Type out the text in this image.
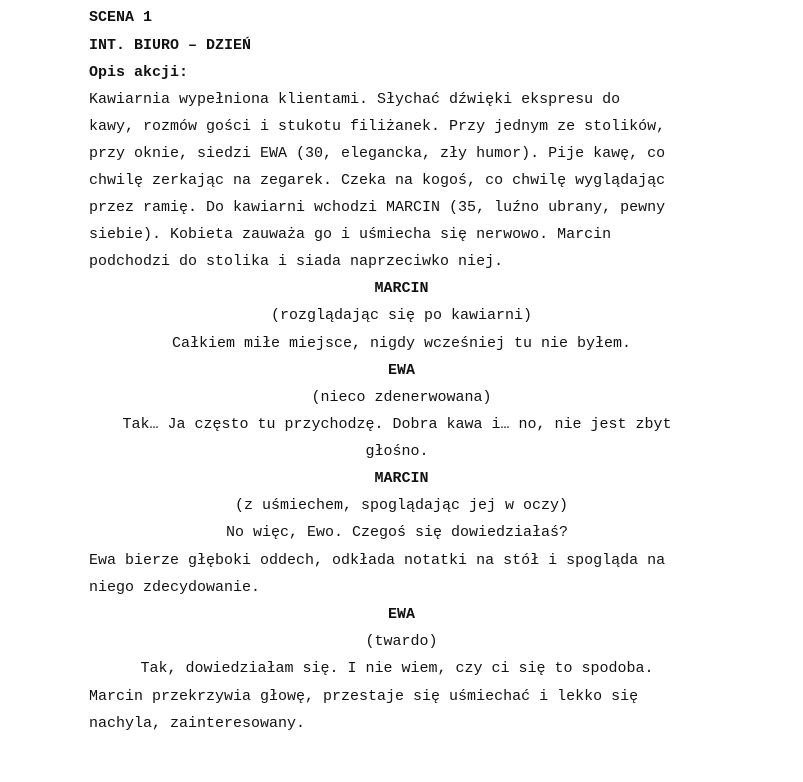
SCENA 1
INT. BIURO – DZIEŃ
Opis akcji:
Kawiarnia wypełniona klientami. Słychać dźwięki ekspresu do
kawy, rozmów gości i stukotu filiżanek. Przy jednym ze stolików,
przy oknie, siedzi EWA (30, elegancka, zły humor). Pije kawę, co
chwilę zerkając na zegarek. Czeka na kogoś, co chwilę wyglądając
przez ramię. Do kawiarni wchodzi MARCIN (35, luźno ubrany, pewny
siebie). Kobieta zauważa go i uśmiecha się nerwowo. Marcin
podchodzi do stolika i siada naprzeciwko niej.
MARCIN
(rozglądając się po kawiarni)
Całkiem miłe miejsce, nigdy wcześniej tu nie byłem.
EWA
(nieco zdenerwowana)
Tak… Ja często tu przychodzę. Dobra kawa i… no, nie jest zbyt
głośno.
MARCIN
(z uśmiechem, spoglądając jej w oczy)
No więc, Ewo. Czegoś się dowiedziałaś?
Ewa bierze głęboki oddech, odkłada notatki na stół i spogląda na
niego zdecydowanie.
EWA
(twardo)
Tak, dowiedziałam się. I nie wiem, czy ci się to spodoba.
Marcin przekrzywia głowę, przestaje się uśmiechać i lekko się
nachyla, zainteresowany.
